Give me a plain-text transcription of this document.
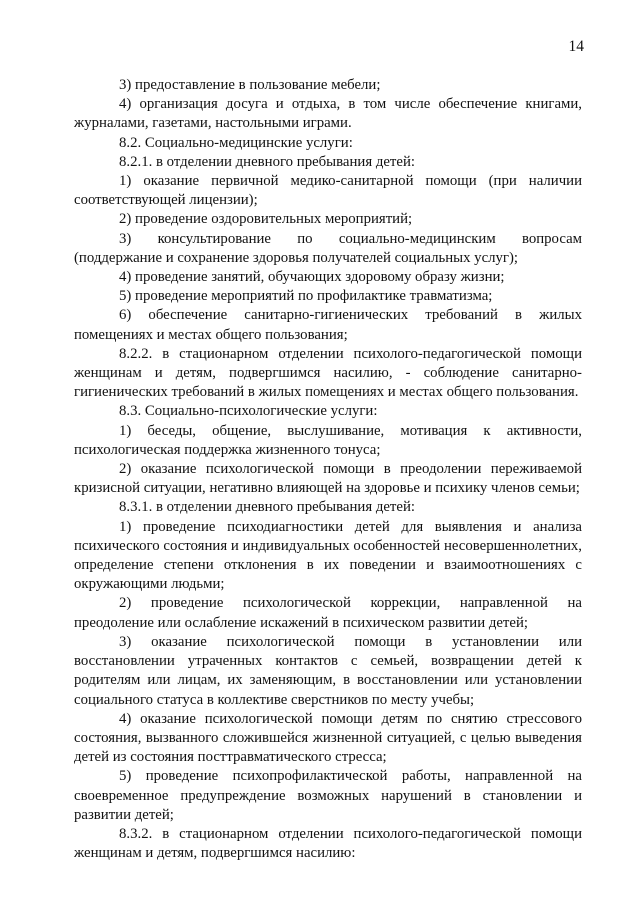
14

3) предоставление в пользование мебели;

4) организация досуга и отдыха, в том числе обеспечение книгами, журналами, газетами, настольными играми.

8.2. Социально-медицинские услуги:

8.2.1. в отделении дневного пребывания детей:

1) оказание первичной медико-санитарной помощи (при наличии соответствующей лицензии);

2) проведение оздоровительных мероприятий;

3) консультирование по социально-медицинским вопросам (поддержание и сохранение здоровья получателей социальных услуг);

4) проведение занятий, обучающих здоровому образу жизни;

5) проведение мероприятий по профилактике травматизма;

6) обеспечение санитарно-гигиенических требований в жилых помещениях и местах общего пользования;

8.2.2. в стационарном отделении психолого-педагогической помощи женщинам и детям, подвергшимся насилию, - соблюдение санитарно-гигиенических требований в жилых помещениях и местах общего пользования.

8.3. Социально-психологические услуги:

1) беседы, общение, выслушивание, мотивация к активности, психологическая поддержка жизненного тонуса;

2) оказание психологической помощи в преодолении переживаемой кризисной ситуации, негативно влияющей на здоровье и психику членов семьи;

8.3.1. в отделении дневного пребывания детей:

1) проведение психодиагностики детей для выявления и анализа психического состояния и индивидуальных особенностей несовершеннолетних, определение степени отклонения в их поведении и взаимоотношениях с окружающими людьми;

2) проведение психологической коррекции, направленной на преодоление или ослабление искажений в психическом развитии детей;

3) оказание психологической помощи в установлении или восстановлении утраченных контактов с семьей, возвращении детей к родителям или лицам, их заменяющим, в восстановлении или установлении социального статуса в коллективе сверстников по месту учебы;

4) оказание психологической помощи детям по снятию стрессового состояния, вызванного сложившейся жизненной ситуацией, с целью выведения детей из состояния посттравматического стресса;

5) проведение психопрофилактической работы, направленной на своевременное предупреждение возможных нарушений в становлении и развитии детей;

8.3.2. в стационарном отделении психолого-педагогической помощи женщинам и детям, подвергшимся насилию:
